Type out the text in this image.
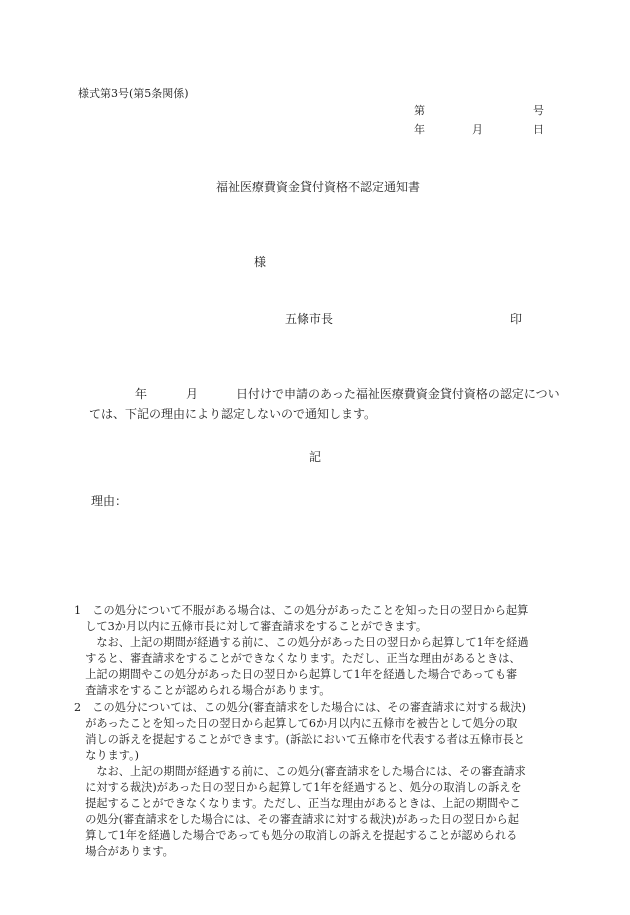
様式第3号(第5条関係)
第	号
年	月	日
福祉医療費資金貸付資格不認定通知書
様
五條市長	印
年	月	日付けで申請のあった福祉医療費資金貸付資格の認定につい
ては、下記の理由により認定しないので通知します。
記
理由：
1　この処分について不服がある場合は、この処分があったことを知った日の翌日から起算
　して3か月以内に五條市長に対して審査請求をすることができます。
　　なお、上記の期間が経過する前に、この処分があった日の翌日から起算して1年を経過
　すると、審査請求をすることができなくなります。ただし、正当な理由があるときは、
　上記の期間やこの処分があった日の翌日から起算して1年を経過した場合であっても審
　査請求をすることが認められる場合があります。
2　この処分については、この処分(審査請求をした場合には、その審査請求に対する裁決)
　があったことを知った日の翌日から起算して6か月以内に五條市を被告として処分の取
　消しの訴えを提起することができます。(訴訟において五條市を代表する者は五條市長と
　なります。)
　　なお、上記の期間が経過する前に、この処分(審査請求をした場合には、その審査請求
　に対する裁決)があった日の翌日から起算して1年を経過すると、処分の取消しの訴えを
　提起することができなくなります。ただし、正当な理由があるときは、上記の期間やこ
　の処分(審査請求をした場合には、その審査請求に対する裁決)があった日の翌日から起
　算して1年を経過した場合であっても処分の取消しの訴えを提起することが認められる
　場合があります。
